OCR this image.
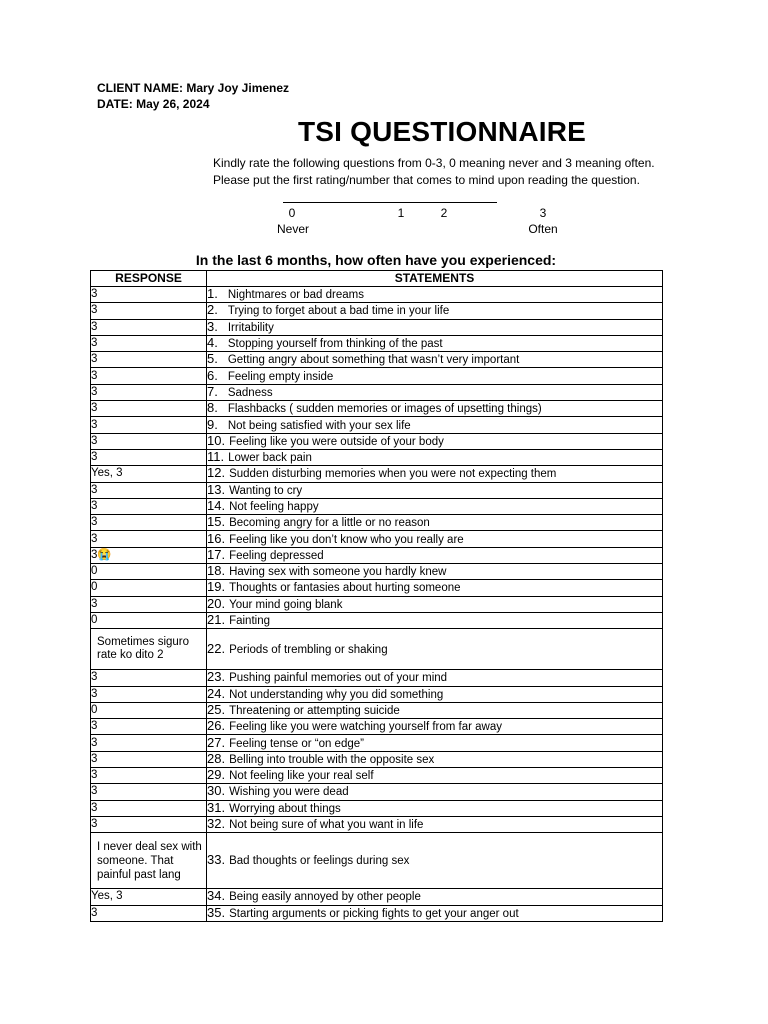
CLIENT NAME: Mary Joy Jimenez
DATE: May 26, 2024
TSI QUESTIONNAIRE
Kindly rate the following questions from 0-3, 0 meaning never and 3 meaning often.
Please put the first rating/number that comes to mind upon reading the question.
0	1	2	3
Never	Often
In the last 6 months, how often have you experienced:
RESPONSE	STATEMENTS
3	1. Nightmares or bad dreams
3	2. Trying to forget about a bad time in your life
3	3. Irritability
3	4. Stopping yourself from thinking of the past
3	5. Getting angry about something that wasn’t very important
3	6. Feeling empty inside
3	7. Sadness
3	8. Flashbacks ( sudden memories or images of upsetting things)
3	9. Not being satisfied with your sex life
3	10. Feeling like you were outside of your body
3	11. Lower back pain
Yes, 3	12. Sudden disturbing memories when you were not expecting them
3	13. Wanting to cry
3	14. Not feeling happy
3	15. Becoming angry for a little or no reason
3	16. Feeling like you don’t know who you really are
3😭	17. Feeling depressed
0	18. Having sex with someone you hardly knew
0	19. Thoughts or fantasies about hurting someone
3	20. Your mind going blank
0	21. Fainting
Sometimes siguro rate ko dito 2	22. Periods of trembling or shaking
3	23. Pushing painful memories out of your mind
3	24. Not understanding why you did something
0	25. Threatening or attempting suicide
3	26. Feeling like you were watching yourself from far away
3	27. Feeling tense or “on edge”
3	28. Belling into trouble with the opposite sex
3	29. Not feeling like your real self
3	30. Wishing you were dead
3	31. Worrying about things
3	32. Not being sure of what you want in life
I never deal sex with someone. That painful past lang	33. Bad thoughts or feelings during sex
Yes, 3	34. Being easily annoyed by other people
3	35. Starting arguments or picking fights to get your anger out
